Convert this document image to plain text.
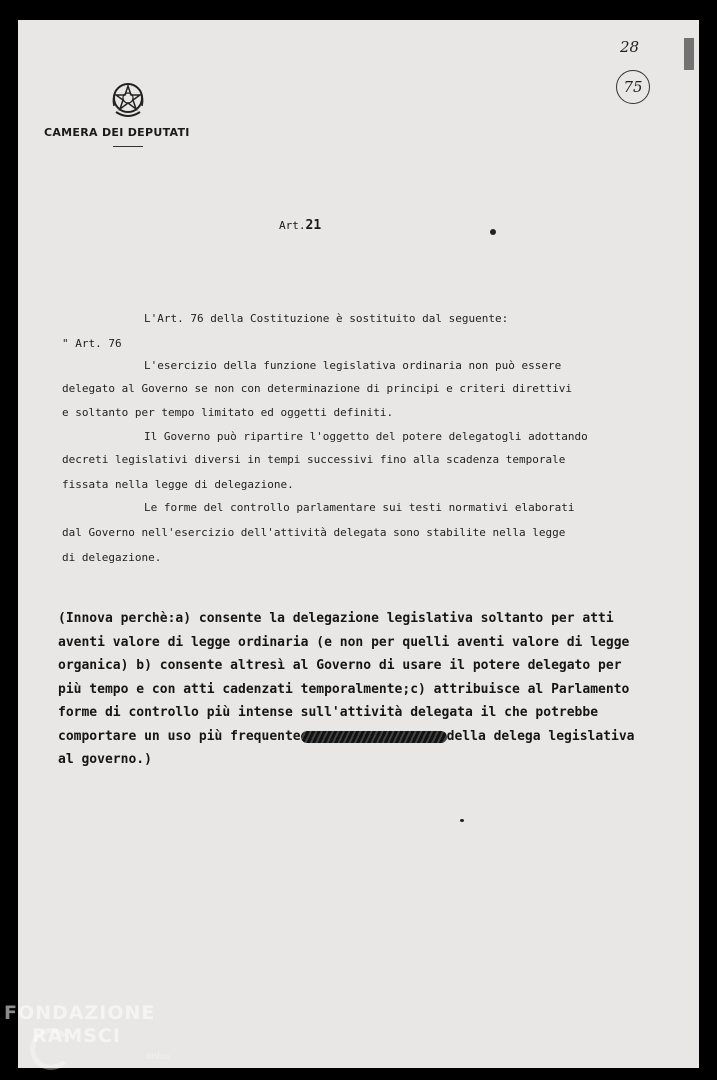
CAMERA DEI DEPUTATI
28
75
Art.21
L'Art. 76 della Costituzione è sostituito dal seguente:
" Art. 76
L'esercizio della funzione legislativa ordinaria non può essere
delegato al Governo se non con determinazione di principi e criteri direttivi
e soltanto per tempo limitato ed oggetti definiti.
Il Governo può ripartire l'oggetto del potere delegatogli adottando
decreti legislativi diversi in tempi successivi fino alla scadenza temporale
fissata nella legge di delegazione.
Le forme del controllo parlamentare sui testi normativi elaborati
dal Governo nell'esercizio dell'attività delegata sono stabilite nella legge
di delegazione.
(Innova perchè:a) consente la delegazione legislativa soltanto per atti
aventi valore di legge ordinaria (e non per quelli aventi valore di legge
organica) b) consente altresì al Governo di usare il potere delegato per
più tempo e con atti cadenzati temporalmente;c) attribuisce al Parlamento
forme di controllo più intense sull'attività delegata il che potrebbe
comportare un uso più frequente	della delega legislativa
al governo.)
FONDAZIONE
RAMSCI
onlus
